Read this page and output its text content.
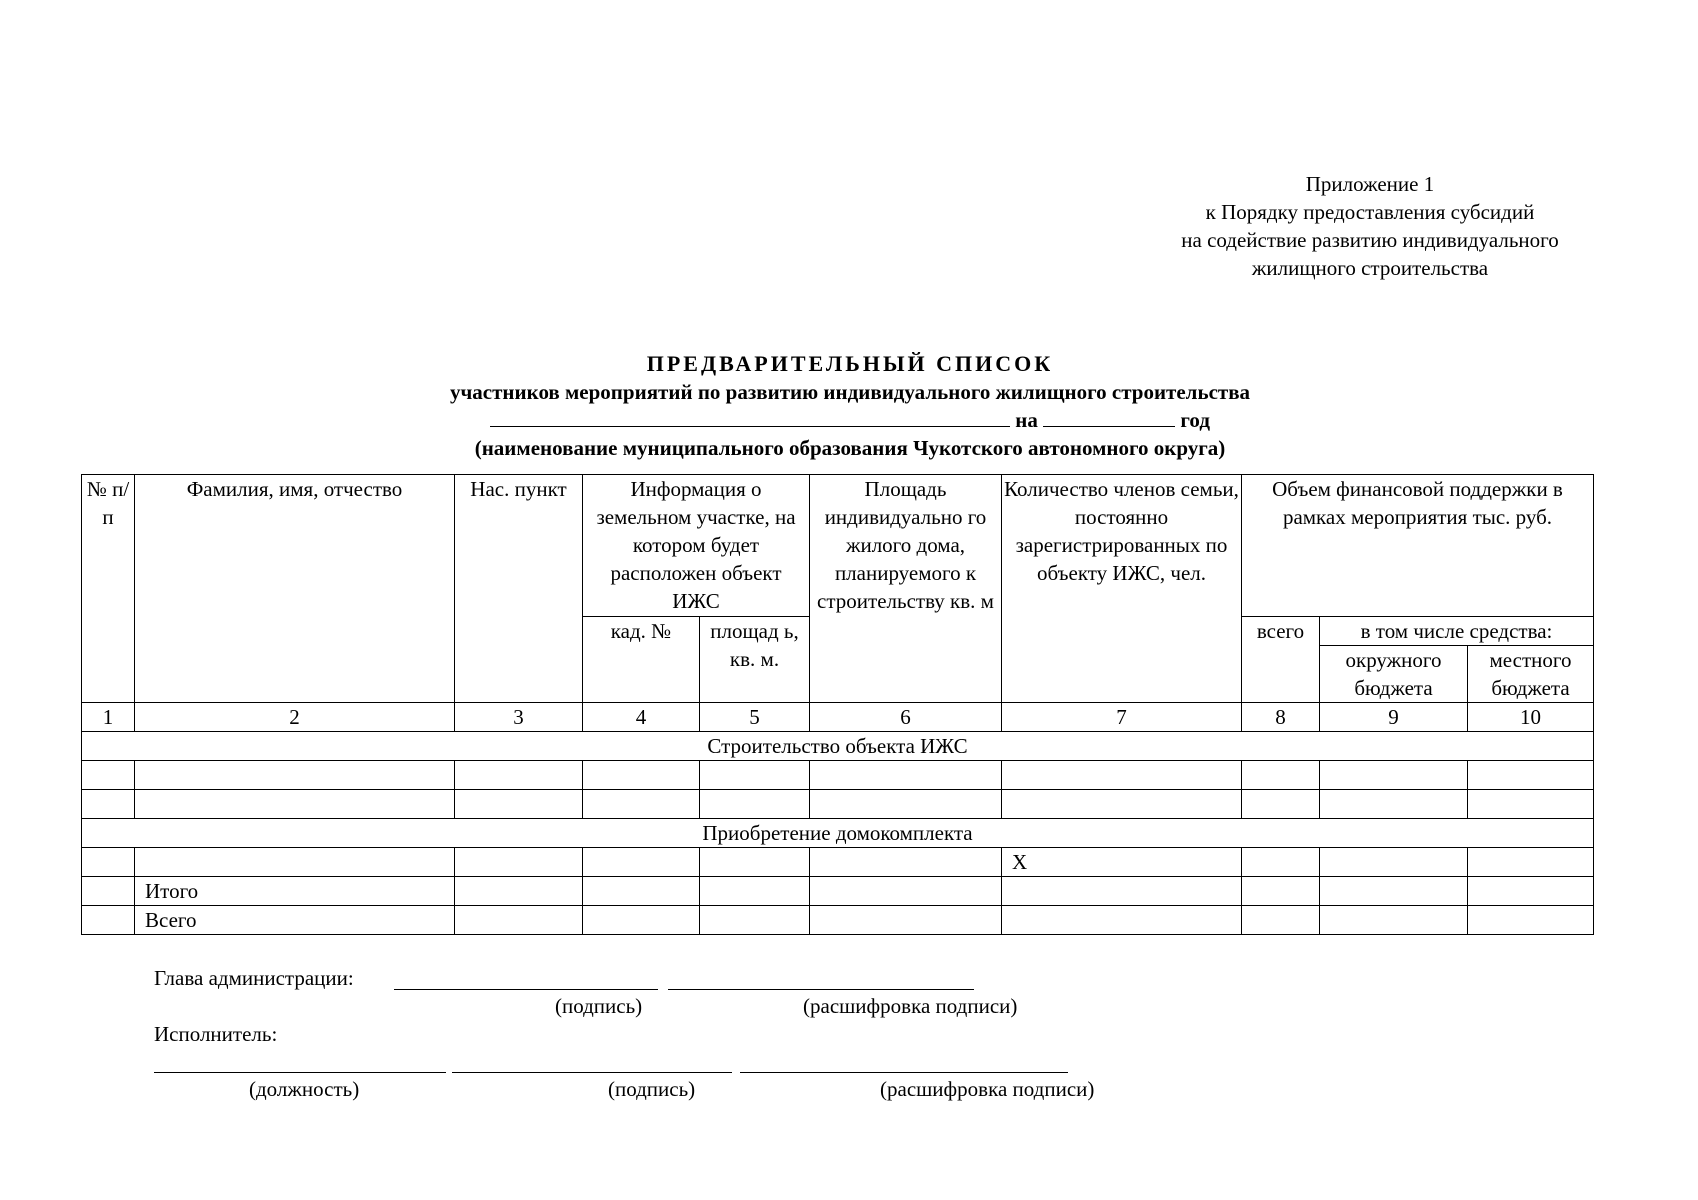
Приложение 1
к Порядку предоставления субсидий
на содействие развитию индивидуального
жилищного строительства
ПРЕДВАРИТЕЛЬНЫЙ СПИСОК
участников мероприятий по развитию индивидуального жилищного строительства
на	год
(наименование муниципального образования Чукотского автономного округа)
№ п/ п	Фамилия, имя, отчество	Нас. пункт	Информация о земельном участке, на котором будет расположен объект ИЖС		Площадь индивидуально го жилого дома, планируемого к строительству кв. м	Количество членов семьи, постоянно зарегистрированных по объекту ИЖС, чел.	Объем финансовой поддержки в рамках мероприятия тыс. руб.		
			кад. №	площад ь, кв. м.			всего	в том числе средства:	
								окружного бюджета	местного бюджета
1	2	3	4	5	6	7	8	9	10
Строительство объекта ИЖС									

Приобретение домокомплекта									
						Х			
	Итого								
	Всего								
Глава администрации:
(подпись)	(расшифровка подписи)
Исполнитель:
(должность)	(подпись)	(расшифровка подписи)
